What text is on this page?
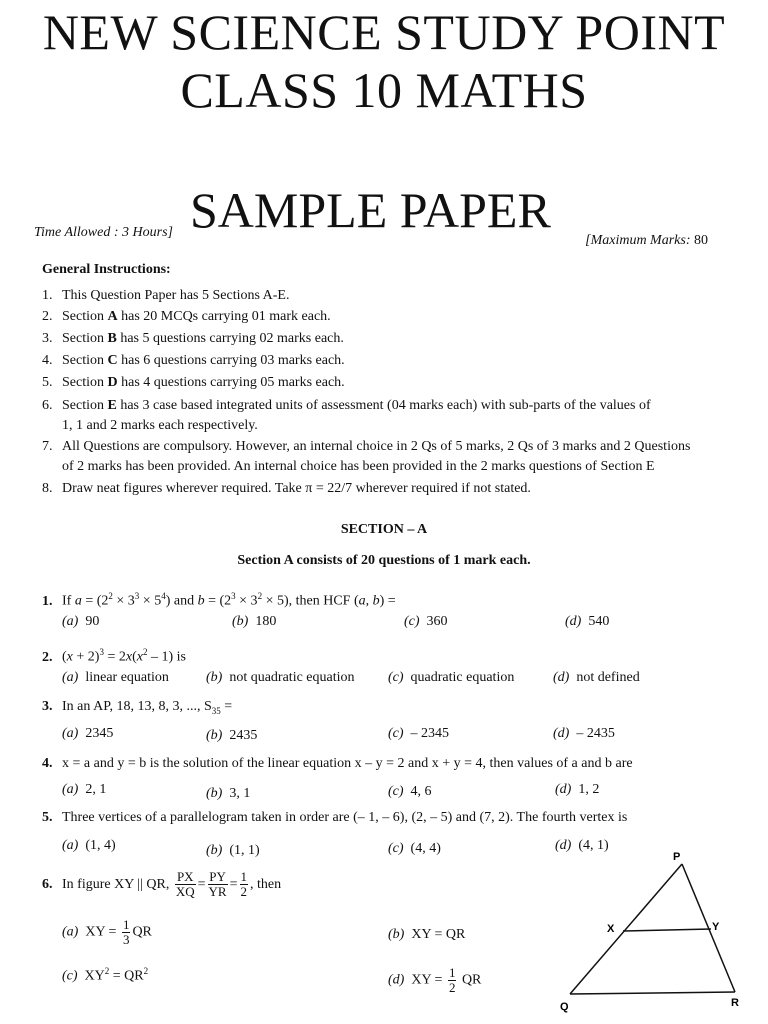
NEW SCIENCE STUDY POINT
CLASS 10 MATHS
SAMPLE PAPER
Time Allowed : 3 Hours]
[Maximum Marks: 80
General Instructions:
1. This Question Paper has 5 Sections A-E.
2. Section A has 20 MCQs carrying 01 mark each.
3. Section B has 5 questions carrying 02 marks each.
4. Section C has 6 questions carrying 03 marks each.
5. Section D has 4 questions carrying 05 marks each.
6. Section E has 3 case based integrated units of assessment (04 marks each) with sub-parts of the values of
1, 1 and 2 marks each respectively.
7. All Questions are compulsory. However, an internal choice in 2 Qs of 5 marks, 2 Qs of 3 marks and 2 Questions
of 2 marks has been provided. An internal choice has been provided in the 2 marks questions of Section E
8. Draw neat figures wherever required. Take π = 22/7 wherever required if not stated.
SECTION – A
Section A consists of 20 questions of 1 mark each.
1. If $a = (2^2 \times 3^3 \times 5^4)$ and $b = (2^3 \times 3^2 \times 5)$, then HCF (a, b) =
(a) 90	(b) 180	(c) 360	(d) 540
2. $(x + 2)^3 = 2x(x^2 - 1)$ is
(a) linear equation	(b) not quadratic equation (c) quadratic equation	(d) not defined
3. In an AP, 18, 13, 8, 3, ..., $S_{35}$ =
(a) 2345	(b) 2435	(c) – 2345	(d) – 2435
4. x = a and y = b is the solution of the linear equation x – y = 2 and x + y = 4, then values of a and b are
(a) 2, 1	(b) 3, 1	(c) 4, 6	(d) 1, 2
5. Three vertices of a parallelogram taken in order are (– 1, – 6), (2, – 5) and (7, 2). The fourth vertex is
(a) (1, 4)	(b) (1, 1)	(c) (4, 4)	(d) (4, 1)
6. In figure XY || QR, $\frac{PX}{XQ} = \frac{PY}{YR} = \frac{1}{2}$ , then
(a)  XY = $\frac{1}{3}$ QR	(b) XY = QR
(c)  $XY^2 = QR^2$
(d)  XY = $\frac{1}{2}$ QR
P
X	Y
Q	R
